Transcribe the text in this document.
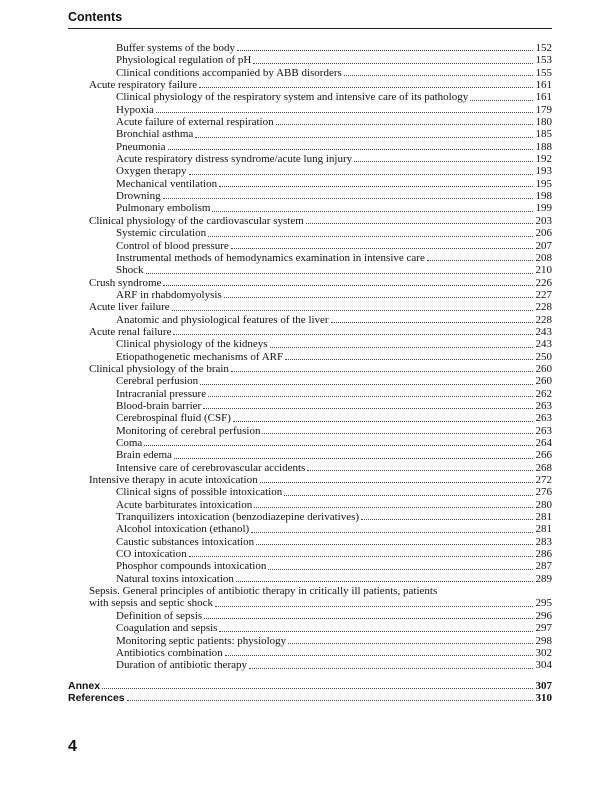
Contents
Buffer systems of the body	152
Physiological regulation of pH	153
Clinical conditions accompanied by ABB disorders	155
Acute respiratory failure	161
Clinical physiology of the respiratory system and intensive care of its pathology	161
Hypoxia	179
Acute failure of external respiration	180
Bronchial asthma	185
Pneumonia	188
Acute respiratory distress syndrome/acute lung injury	192
Oxygen therapy	193
Mechanical ventilation	195
Drowning	198
Pulmonary embolism	199
Clinical physiology of the cardiovascular system	203
Systemic circulation	206
Control of blood pressure	207
Instrumental methods of hemodynamics examination in intensive care	208
Shock	210
Crush syndrome	226
ARF in rhabdomyolysis	227
Acute liver failure	228
Anatomic and physiological features of the liver	228
Acute renal failure	243
Clinical physiology of the kidneys	243
Etiopathogenetic mechanisms of ARF	250
Clinical physiology of the brain	260
Cerebral perfusion	260
Intracranial pressure	262
Blood-brain barrier	263
Cerebrospinal fluid (CSF)	263
Monitoring of cerebral perfusion	263
Coma	264
Brain edema	266
Intensive care of cerebrovascular accidents	268
Intensive therapy in acute intoxication	272
Clinical signs of possible intoxication	276
Acute barbiturates intoxication	280
Tranquilizers intoxication (benzodiazepine derivatives)	281
Alcohol intoxication (ethanol)	281
Caustic substances intoxication	283
CO intoxication	286
Phosphor compounds intoxication	287
Natural toxins intoxication	289
Sepsis. General principles of antibiotic therapy in critically ill patients, patients
with sepsis and septic shock	295
Definition of sepsis	296
Coagulation and sepsis	297
Monitoring septic patients: physiology	298
Antibiotics combination	302
Duration of antibiotic therapy	304
Annex	307
References	310
4
